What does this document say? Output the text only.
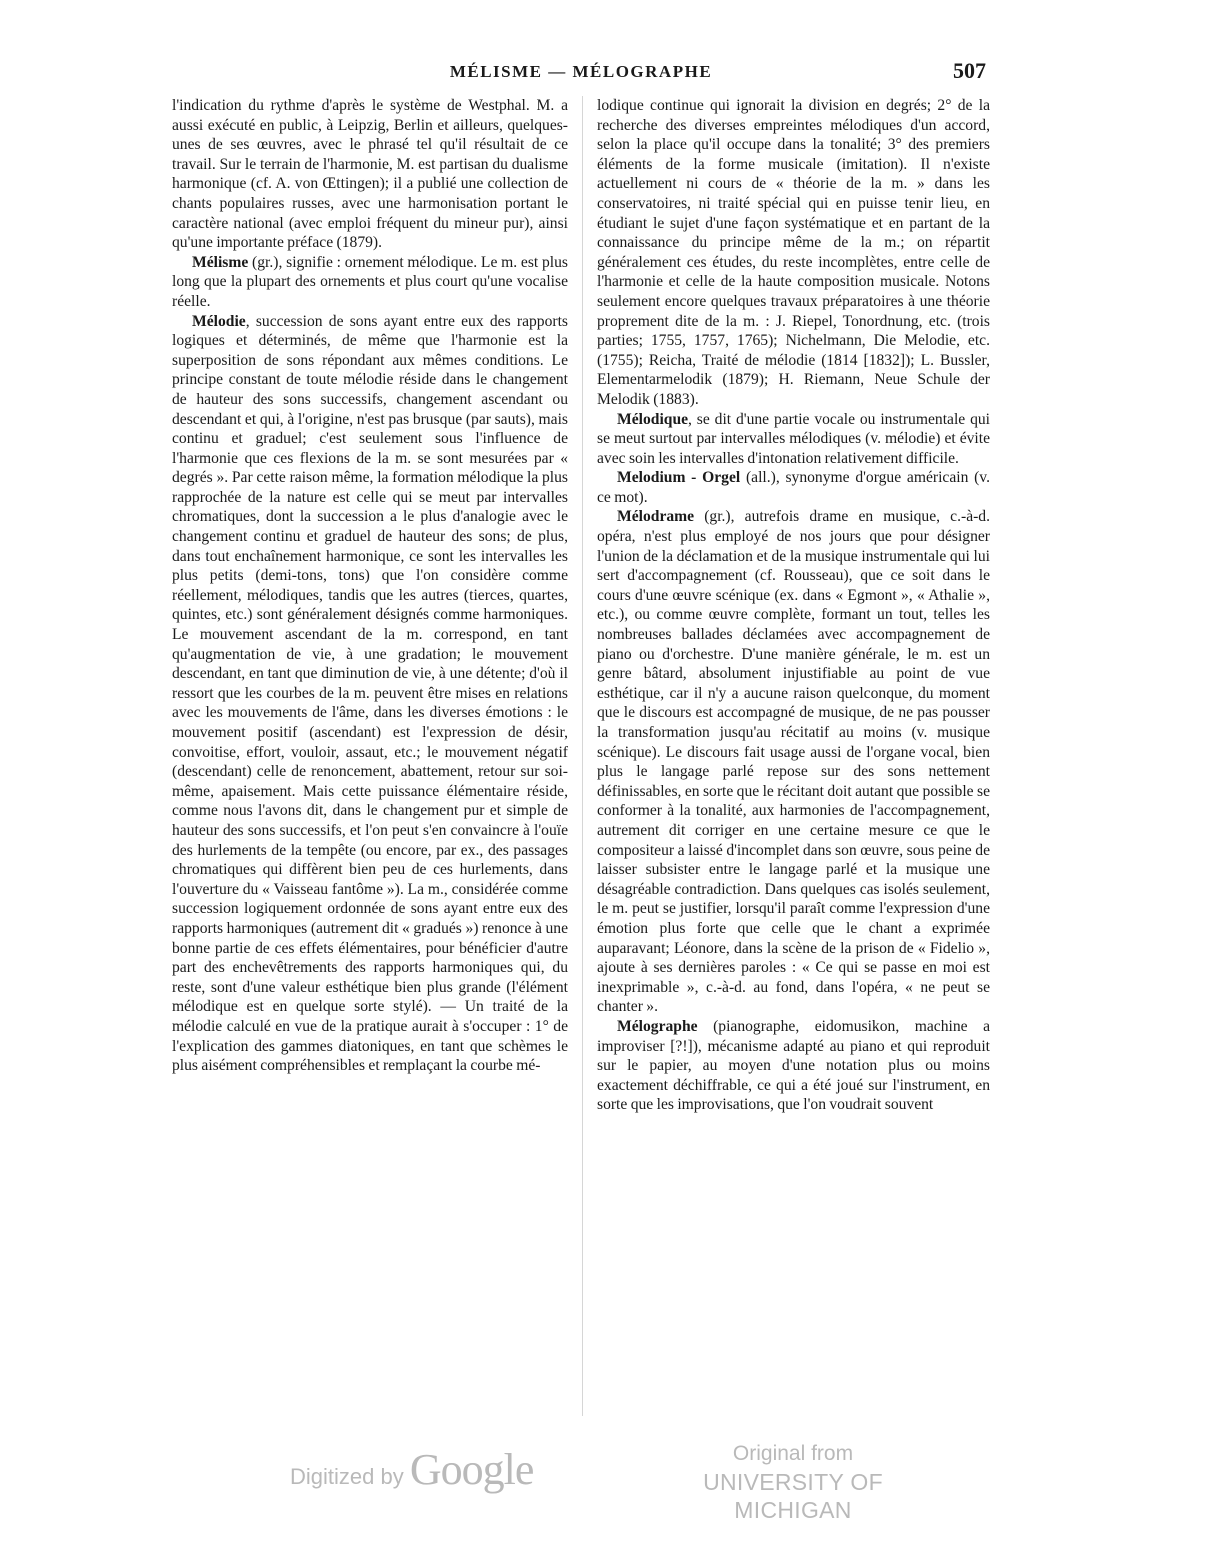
MÉLISME — MÉLOGRAPHE	507

l'indication du rythme d'après le système de Westphal. M. a aussi exécuté en public, à Leipzig, Berlin et ailleurs, quelques-unes de ses œuvres, avec le phrasé tel qu'il résultait de ce travail. Sur le terrain de l'harmonie, M. est partisan du dualisme harmonique (cf. A. von Œttingen); il a publié une collection de chants populaires russes, avec une harmonisation portant le caractère national (avec emploi fréquent du mineur pur), ainsi qu'une importante préface (1879).

Mélisme (gr.), signifie : ornement mélodique. Le m. est plus long que la plupart des ornements et plus court qu'une vocalise réelle.

Mélodie, succession de sons ayant entre eux des rapports logiques et déterminés, de même que l'harmonie est la superposition de sons répondant aux mêmes conditions. Le principe constant de toute mélodie réside dans le changement de hauteur des sons successifs, changement ascendant ou descendant et qui, à l'origine, n'est pas brusque (par sauts), mais continu et graduel; c'est seulement sous l'influence de l'harmonie que ces flexions de la m. se sont mesurées par « degrés ». Par cette raison même, la formation mélodique la plus rapprochée de la nature est celle qui se meut par intervalles chromatiques, dont la succession a le plus d'analogie avec le changement continu et graduel de hauteur des sons; de plus, dans tout enchaînement harmonique, ce sont les intervalles les plus petits (demi-tons, tons) que l'on considère comme réellement, mélodiques, tandis que les autres (tierces, quartes, quintes, etc.) sont généralement désignés comme harmoniques. Le mouvement ascendant de la m. correspond, en tant qu'augmentation de vie, à une gradation; le mouvement descendant, en tant que diminution de vie, à une détente; d'où il ressort que les courbes de la m. peuvent être mises en relations avec les mouvements de l'âme, dans les diverses émotions : le mouvement positif (ascendant) est l'expression de désir, convoitise, effort, vouloir, assaut, etc.; le mouvement négatif (descendant) celle de renoncement, abattement, retour sur soi-même, apaisement. Mais cette puissance élémentaire réside, comme nous l'avons dit, dans le changement pur et simple de hauteur des sons successifs, et l'on peut s'en convaincre à l'ouïe des hurlements de la tempête (ou encore, par ex., des passages chromatiques qui diffèrent bien peu de ces hurlements, dans l'ouverture du « Vaisseau fantôme »). La m., considérée comme succession logiquement ordonnée de sons ayant entre eux des rapports harmoniques (autrement dit « gradués ») renonce à une bonne partie de ces effets élémentaires, pour bénéficier d'autre part des enchevêtrements des rapports harmoniques qui, du reste, sont d'une valeur esthétique bien plus grande (l'élément mélodique est en quelque sorte stylé). — Un traité de la mélodie calculé en vue de la pratique aurait à s'occuper : 1° de l'explication des gammes diatoniques, en tant que schèmes le plus aisément compréhensibles et remplaçant la courbe mé-

lodique continue qui ignorait la division en degrés; 2° de la recherche des diverses empreintes mélodiques d'un accord, selon la place qu'il occupe dans la tonalité; 3° des premiers éléments de la forme musicale (imitation). Il n'existe actuellement ni cours de « théorie de la m. » dans les conservatoires, ni traité spécial qui en puisse tenir lieu, en étudiant le sujet d'une façon systématique et en partant de la connaissance du principe même de la m.; on répartit généralement ces études, du reste incomplètes, entre celle de l'harmonie et celle de la haute composition musicale. Notons seulement encore quelques travaux préparatoires à une théorie proprement dite de la m. : J. Riepel, Tonordnung, etc. (trois parties; 1755, 1757, 1765); Nichelmann, Die Melodie, etc. (1755); Reicha, Traité de mélodie (1814 [1832]); L. Bussler, Elementarmelodik (1879); H. Riemann, Neue Schule der Melodik (1883).

Mélodique, se dit d'une partie vocale ou instrumentale qui se meut surtout par intervalles mélodiques (v. mélodie) et évite avec soin les intervalles d'intonation relativement difficile.

Melodium - Orgel (all.), synonyme d'orgue américain (v. ce mot).

Mélodrame (gr.), autrefois drame en musique, c.-à-d. opéra, n'est plus employé de nos jours que pour désigner l'union de la déclamation et de la musique instrumentale qui lui sert d'accompagnement (cf. Rousseau), que ce soit dans le cours d'une œuvre scénique (ex. dans « Egmont », « Athalie », etc.), ou comme œuvre complète, formant un tout, telles les nombreuses ballades déclamées avec accompagnement de piano ou d'orchestre. D'une manière générale, le m. est un genre bâtard, absolument injustifiable au point de vue esthétique, car il n'y a aucune raison quelconque, du moment que le discours est accompagné de musique, de ne pas pousser la transformation jusqu'au récitatif au moins (v. musique scénique). Le discours fait usage aussi de l'organe vocal, bien plus le langage parlé repose sur des sons nettement définissables, en sorte que le récitant doit autant que possible se conformer à la tonalité, aux harmonies de l'accompagnement, autrement dit corriger en une certaine mesure ce que le compositeur a laissé d'incomplet dans son œuvre, sous peine de laisser subsister entre le langage parlé et la musique une désagréable contradiction. Dans quelques cas isolés seulement, le m. peut se justifier, lorsqu'il paraît comme l'expression d'une émotion plus forte que celle que le chant a exprimée auparavant; Léonore, dans la scène de la prison de « Fidelio », ajoute à ses dernières paroles : « Ce qui se passe en moi est inexprimable », c.-à-d. au fond, dans l'opéra, « ne peut se chanter ».

Mélographe (pianographe, eidomusikon, machine a improviser [?!]), mécanisme adapté au piano et qui reproduit sur le papier, au moyen d'une notation plus ou moins exactement déchiffrable, ce qui a été joué sur l'instrument, en sorte que les improvisations, que l'on voudrait souvent

Digitized by Google	Original from
UNIVERSITY OF MICHIGAN
